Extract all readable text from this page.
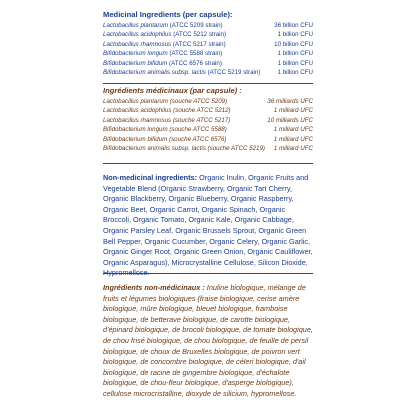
Medicinal Ingredients (per capsule):
Lactobacillus plantarum (ATCC 5209 strain)	36 billion CFU
Lactobacillus acidophilus (ATCC 5212 strain)	1 billion CFU
Lactobacillus rhamnosus (ATCC 5217 strain)	10 billion CFU
Bifidobacterium longum (ATCC 5588 strain)	1 billion CFU
Bifidobacterium bifidum (ATCC 6576 strain)	1 billion CFU
Bifidobacterium animalis subsp. lactis (ATCC 5219 strain)	1 billion CFU
Ingrédients médicinaux (par capsule) :
Lactobacillus plantarum (souche ATCC 5209)	36 milliards UFC
Lactobacillus acidophilus (souche ATCC 5212)	1 milliard UFC
Lactobacillus rhamnosus (souche ATCC 5217)	10 milliards UFC
Bifidobacterium longum (souche ATCC 5588)	1 milliard UFC
Bifidobacterium bifidum (souche ATCC 6576)	1 milliard UFC
Bifidobacterium animalis subsp. lactis (souche ATCC 5219) 1 milliard UFC

Non-medicinal ingredients: Organic Inulin, Organic Fruits and Vegetable Blend (Organic Strawberry, Organic Tart Cherry, Organic Blackberry, Organic Blueberry, Organic Raspberry, Organic Beet, Organic Carrot, Organic Spinach, Organic Broccoli, Organic Tomato, Organic Kale, Organic Cabbage, Organic Parsley Leaf, Organic Brussels Sprout, Organic Green Bell Pepper, Organic Cucumber, Organic Celery, Organic Garlic, Organic Ginger Root, Organic Green Onion, Organic Cauliflower, Organic Asparagus), Microcrystalline Cellulose, Silicon Dioxide,

Ingrédients non-médicinaux : Inuline biologique, mélange de fruits et légumes biologiques (fraise biologique, cerise amère biologique, mûre biologique, bleuet biologique, framboise biologique, de betterave biologique, de carotte biologique, d'épinard biologique, de brocoli biologique, de tomate biologique, de chou frisé biologique, de chou biologique, de feuille de persil biologique, de choux de Bruxelles biologique, de poivron vert biologique, de concombre biologique, de céleri biologique, d'ail biologique, de racine de gingembre biologique, d'échalote biologique, de chou-fleur biologique, d'asperge biologique), cellulose microcristalline, dioxyde de silicium, hypromellose.
